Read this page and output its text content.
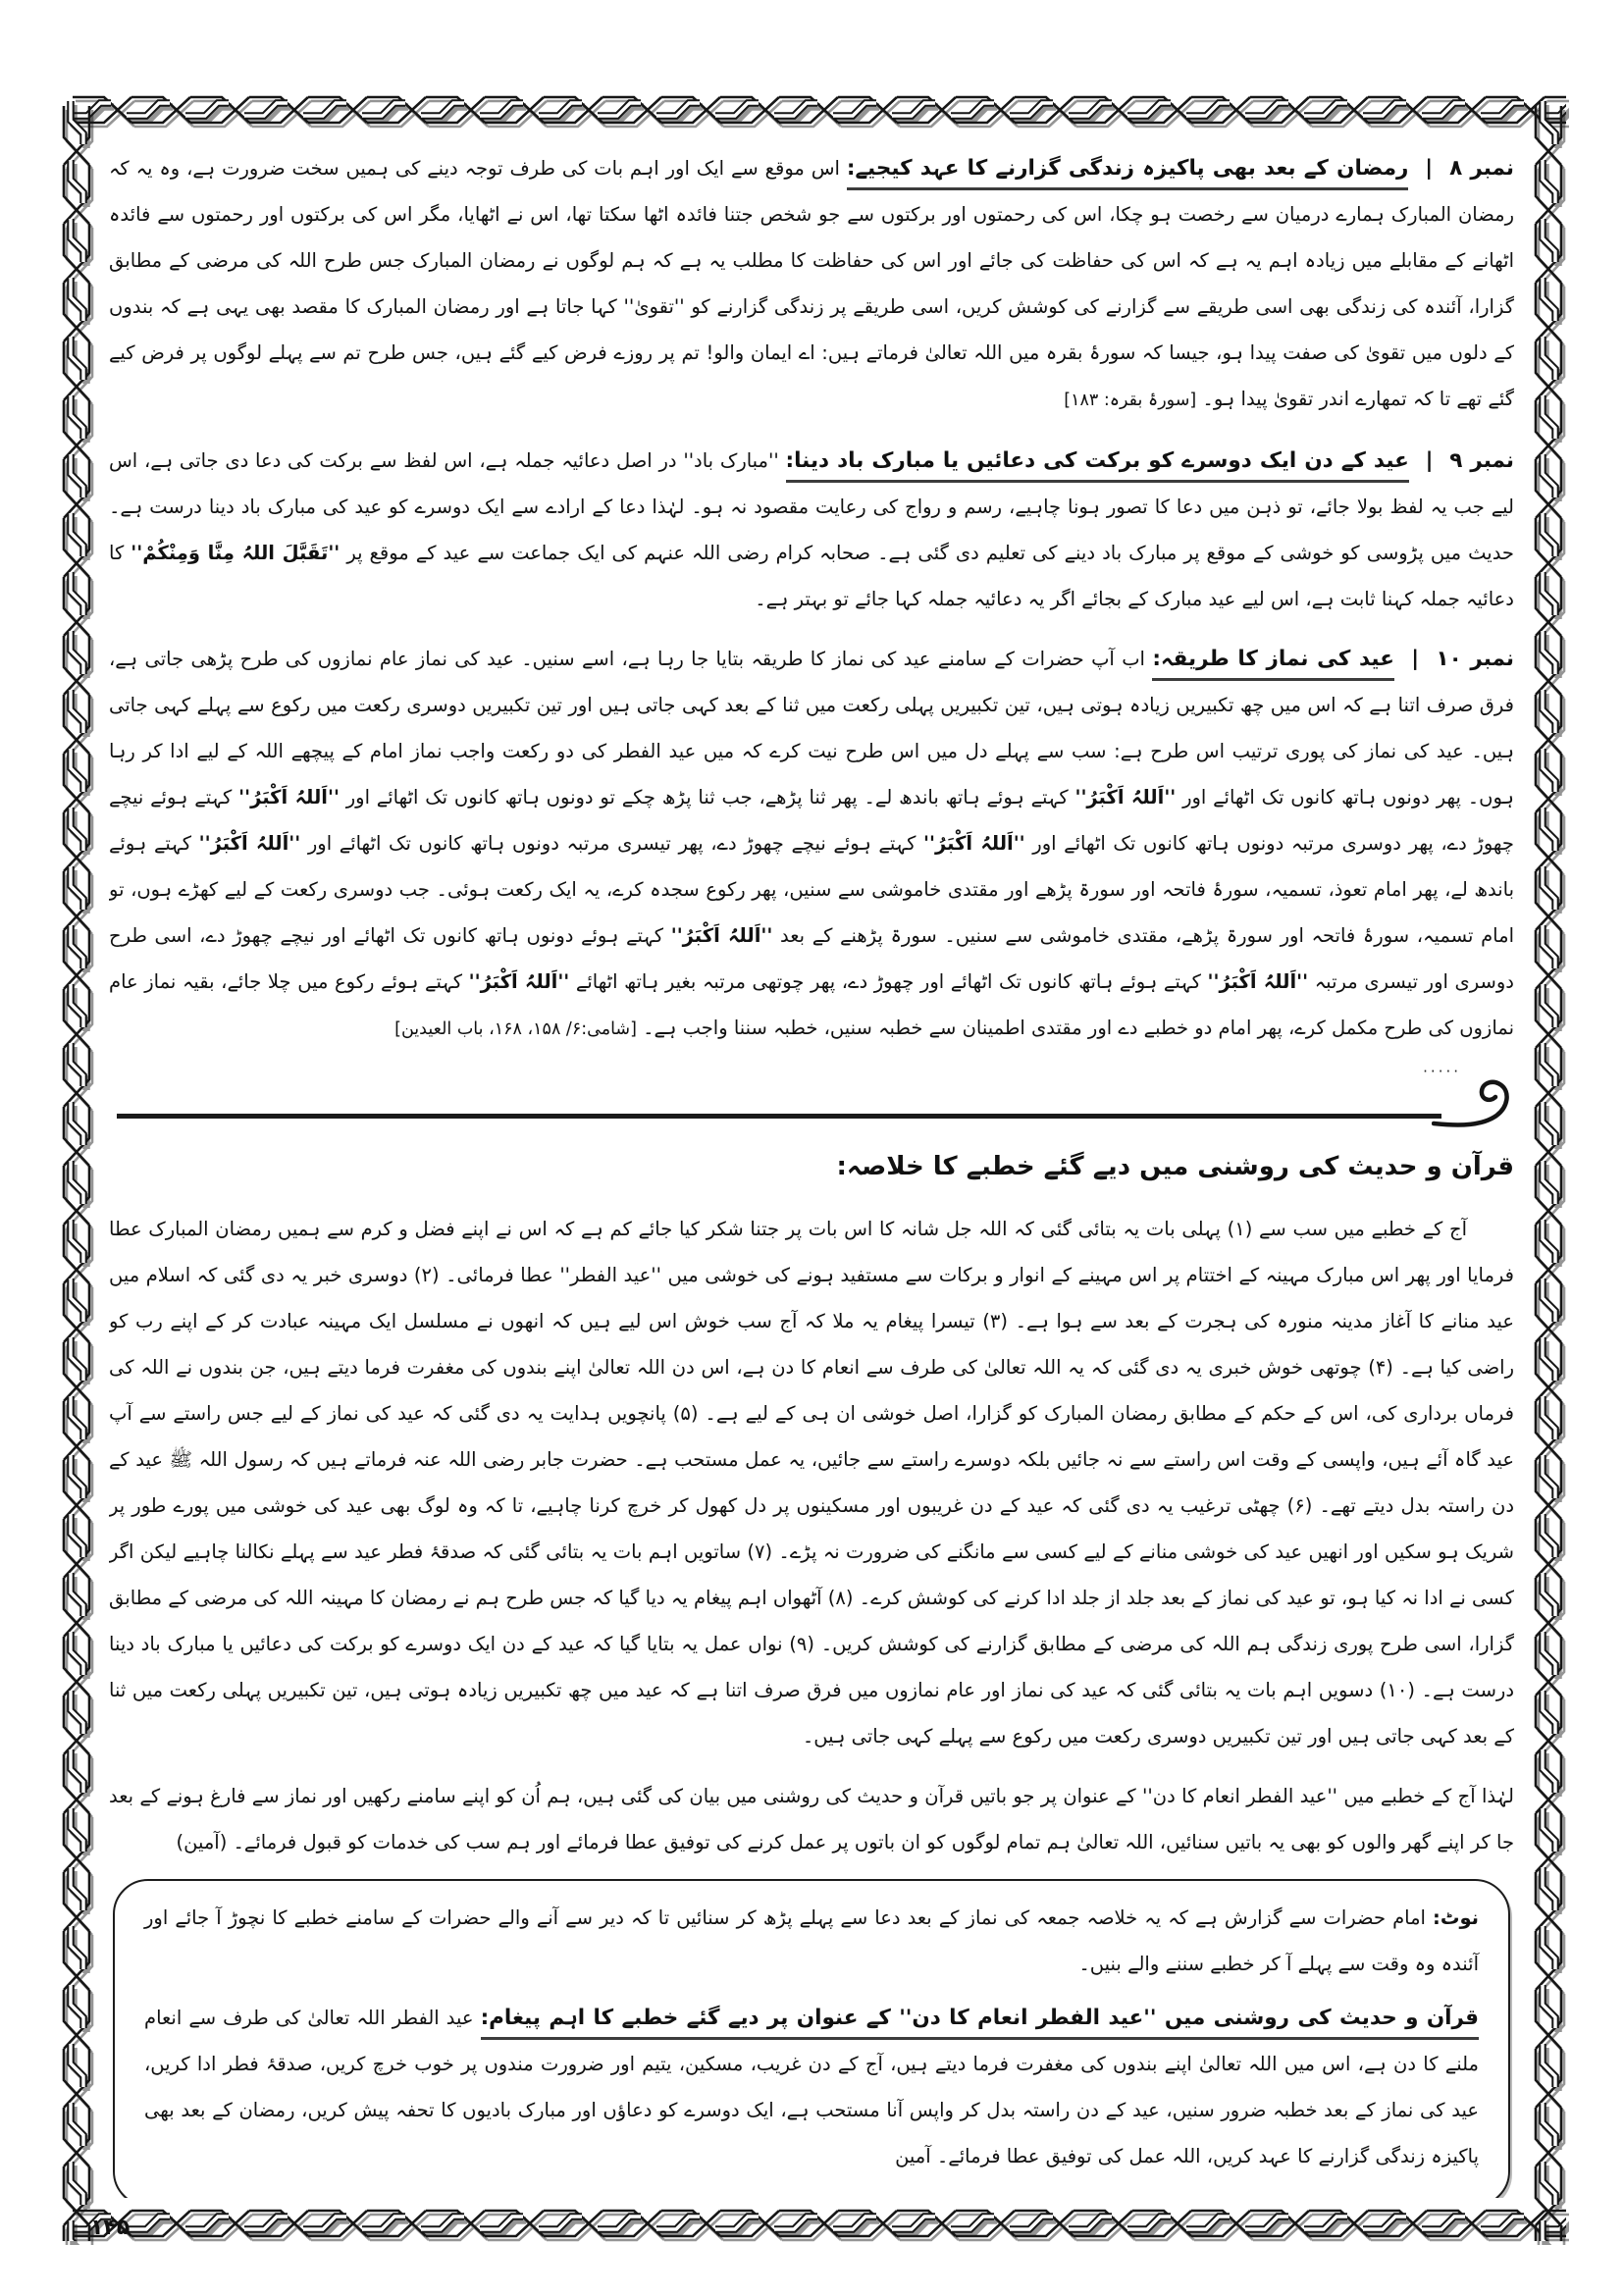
نمبر ۸ | رمضان کے بعد بھی پاکیزہ زندگی گزارنے کا عہد کیجیے: اس موقع سے ایک اور اہم بات کی طرف توجہ دینے کی ہمیں سخت ضرورت ہے، وہ یہ کہ رمضان المبارک ہمارے درمیان سے رخصت ہو چکا، اس کی رحمتوں اور برکتوں سے جو شخص جتنا فائدہ اٹھا سکتا تھا، اس نے اٹھایا، مگر اس کی برکتوں اور رحمتوں سے فائدہ اٹھانے کے مقابلے میں زیادہ اہم یہ ہے کہ اس کی حفاظت کی جائے اور اس کی حفاظت کا مطلب یہ ہے کہ ہم لوگوں نے رمضان المبارک جس طرح اللہ کی مرضی کے مطابق گزارا، آئندہ کی زندگی بھی اسی طریقے سے گزارنے کی کوشش کریں، اسی طریقے پر زندگی گزارنے کو ''تقویٰ'' کہا جاتا ہے اور رمضان المبارک کا مقصد بھی یہی ہے کہ بندوں کے دلوں میں تقویٰ کی صفت پیدا ہو، جیسا کہ سورۂ بقرہ میں اللہ تعالیٰ فرماتے ہیں: اے ایمان والو! تم پر روزے فرض کیے گئے ہیں، جس طرح تم سے پہلے لوگوں پر فرض کیے گئے تھے تا کہ تمھارے اندر تقویٰ پیدا ہو۔ [سورۂ بقرہ: ۱۸۳]

نمبر ۹ | عید کے دن ایک دوسرے کو برکت کی دعائیں یا مبارک باد دینا: ''مبارک باد'' در اصل دعائیہ جملہ ہے، اس لفظ سے برکت کی دعا دی جاتی ہے، اس لیے جب یہ لفظ بولا جائے، تو ذہن میں دعا کا تصور ہونا چاہیے، رسم و رواج کی رعایت مقصود نہ ہو۔ لہٰذا دعا کے ارادے سے ایک دوسرے کو عید کی مبارک باد دینا درست ہے۔ حدیث میں پڑوسی کو خوشی کے موقع پر مبارک باد دینے کی تعلیم دی گئی ہے۔ صحابہ کرام رضی اللہ عنہم کی ایک جماعت سے عید کے موقع پر ''تَقَبَّلَ اللہُ مِنَّا وَمِنْکُمْ'' کا دعائیہ جملہ کہنا ثابت ہے، اس لیے عید مبارک کے بجائے اگر یہ دعائیہ جملہ کہا جائے تو بہتر ہے۔

نمبر ۱۰ | عید کی نماز کا طریقہ: اب آپ حضرات کے سامنے عید کی نماز کا طریقہ بتایا جا رہا ہے، اسے سنیں۔ عید کی نماز عام نمازوں کی طرح پڑھی جاتی ہے، فرق صرف اتنا ہے کہ اس میں چھ تکبیریں زیادہ ہوتی ہیں، تین تکبیریں پہلی رکعت میں ثنا کے بعد کہی جاتی ہیں اور تین تکبیریں دوسری رکعت میں رکوع سے پہلے کہی جاتی ہیں۔ عید کی نماز کی پوری ترتیب اس طرح ہے: سب سے پہلے دل میں اس طرح نیت کرے کہ میں عید الفطر کی دو رکعت واجب نماز امام کے پیچھے اللہ کے لیے ادا کر رہا ہوں۔ پھر دونوں ہاتھ کانوں تک اٹھائے اور ''اَللہُ اَکْبَرُ'' کہتے ہوئے ہاتھ باندھ لے۔ پھر ثنا پڑھے، جب ثنا پڑھ چکے تو دونوں ہاتھ کانوں تک اٹھائے اور ''اَللہُ اَکْبَرُ'' کہتے ہوئے نیچے چھوڑ دے، پھر دوسری مرتبہ دونوں ہاتھ کانوں تک اٹھائے اور ''اَللہُ اَکْبَرُ'' کہتے ہوئے نیچے چھوڑ دے، پھر تیسری مرتبہ دونوں ہاتھ کانوں تک اٹھائے اور ''اَللہُ اَکْبَرُ'' کہتے ہوئے باندھ لے، پھر امام تعوذ، تسمیہ، سورۂ فاتحہ اور سورۃ پڑھے اور مقتدی خاموشی سے سنیں، پھر رکوع سجدہ کرے، یہ ایک رکعت ہوئی۔ جب دوسری رکعت کے لیے کھڑے ہوں، تو امام تسمیہ، سورۂ فاتحہ اور سورۃ پڑھے، مقتدی خاموشی سے سنیں۔ سورۃ پڑھنے کے بعد ''اَللہُ اَکْبَرُ'' کہتے ہوئے دونوں ہاتھ کانوں تک اٹھائے اور نیچے چھوڑ دے، اسی طرح دوسری اور تیسری مرتبہ ''اَللہُ اَکْبَرُ'' کہتے ہوئے ہاتھ کانوں تک اٹھائے اور چھوڑ دے، پھر چوتھی مرتبہ بغیر ہاتھ اٹھائے ''اَللہُ اَکْبَرُ'' کہتے ہوئے رکوع میں چلا جائے، بقیہ نماز عام نمازوں کی طرح مکمل کرے، پھر امام دو خطبے دے اور مقتدی اطمینان سے خطبہ سنیں، خطبہ سننا واجب ہے۔ [شامی:۶/ ۱۵۸، ۱۶۸، باب العیدین]

·····
قرآن و حدیث کی روشنی میں دیے گئے خطبے کا خلاصہ:

آج کے خطبے میں سب سے (۱) پہلی بات یہ بتائی گئی کہ اللہ جل شانہ کا اس بات پر جتنا شکر کیا جائے کم ہے کہ اس نے اپنے فضل و کرم سے ہمیں رمضان المبارک عطا فرمایا اور پھر اس مبارک مہینہ کے اختتام پر اس مہینے کے انوار و برکات سے مستفید ہونے کی خوشی میں ''عید الفطر'' عطا فرمائی۔ (۲) دوسری خبر یہ دی گئی کہ اسلام میں عید منانے کا آغاز مدینہ منورہ کی ہجرت کے بعد سے ہوا ہے۔ (۳) تیسرا پیغام یہ ملا کہ آج سب خوش اس لیے ہیں کہ انھوں نے مسلسل ایک مہینہ عبادت کر کے اپنے رب کو راضی کیا ہے۔ (۴) چوتھی خوش خبری یہ دی گئی کہ یہ اللہ تعالیٰ کی طرف سے انعام کا دن ہے، اس دن اللہ تعالیٰ اپنے بندوں کی مغفرت فرما دیتے ہیں، جن بندوں نے اللہ کی فرماں برداری کی، اس کے حکم کے مطابق رمضان المبارک کو گزارا، اصل خوشی ان ہی کے لیے ہے۔ (۵) پانچویں ہدایت یہ دی گئی کہ عید کی نماز کے لیے جس راستے سے آپ عید گاہ آئے ہیں، واپسی کے وقت اس راستے سے نہ جائیں بلکہ دوسرے راستے سے جائیں، یہ عمل مستحب ہے۔ حضرت جابر رضی اللہ عنہ فرماتے ہیں کہ رسول اللہ ﷺ عید کے دن راستہ بدل دیتے تھے۔ (۶) چھٹی ترغیب یہ دی گئی کہ عید کے دن غریبوں اور مسکینوں پر دل کھول کر خرچ کرنا چاہیے، تا کہ وہ لوگ بھی عید کی خوشی میں پورے طور پر شریک ہو سکیں اور انھیں عید کی خوشی منانے کے لیے کسی سے مانگنے کی ضرورت نہ پڑے۔ (۷) ساتویں اہم بات یہ بتائی گئی کہ صدقۂ فطر عید سے پہلے نکالنا چاہیے لیکن اگر کسی نے ادا نہ کیا ہو، تو عید کی نماز کے بعد جلد از جلد ادا کرنے کی کوشش کرے۔ (۸) آٹھواں اہم پیغام یہ دیا گیا کہ جس طرح ہم نے رمضان کا مہینہ اللہ کی مرضی کے مطابق گزارا، اسی طرح پوری زندگی ہم اللہ کی مرضی کے مطابق گزارنے کی کوشش کریں۔ (۹) نواں عمل یہ بتایا گیا کہ عید کے دن ایک دوسرے کو برکت کی دعائیں یا مبارک باد دینا درست ہے۔ (۱۰) دسویں اہم بات یہ بتائی گئی کہ عید کی نماز اور عام نمازوں میں فرق صرف اتنا ہے کہ عید میں چھ تکبیریں زیادہ ہوتی ہیں، تین تکبیریں پہلی رکعت میں ثنا کے بعد کہی جاتی ہیں اور تین تکبیریں دوسری رکعت میں رکوع سے پہلے کہی جاتی ہیں۔

لہٰذا آج کے خطبے میں ''عید الفطر انعام کا دن'' کے عنوان پر جو باتیں قرآن و حدیث کی روشنی میں بیان کی گئی ہیں، ہم اُن کو اپنے سامنے رکھیں اور نماز سے فارغ ہونے کے بعد جا کر اپنے گھر والوں کو بھی یہ باتیں سنائیں، اللہ تعالیٰ ہم تمام لوگوں کو ان باتوں پر عمل کرنے کی توفیق عطا فرمائے اور ہم سب کی خدمات کو قبول فرمائے۔ (آمین)

نوٹ: امام حضرات سے گزارش ہے کہ یہ خلاصہ جمعہ کی نماز کے بعد دعا سے پہلے پڑھ کر سنائیں تا کہ دیر سے آنے والے حضرات کے سامنے خطبے کا نچوڑ آ جائے اور آئندہ وہ وقت سے پہلے آ کر خطبے سننے والے بنیں۔

قرآن و حدیث کی روشنی میں ''عید الفطر انعام کا دن'' کے عنوان پر دیے گئے خطبے کا اہم پیغام: عید الفطر اللہ تعالیٰ کی طرف سے انعام ملنے کا دن ہے، اس میں اللہ تعالیٰ اپنے بندوں کی مغفرت فرما دیتے ہیں، آج کے دن غریب، مسکین، یتیم اور ضرورت مندوں پر خوب خرچ کریں، صدقۂ فطر ادا کریں، عید کی نماز کے بعد خطبہ ضرور سنیں، عید کے دن راستہ بدل کر واپس آنا مستحب ہے، ایک دوسرے کو دعاؤں اور مبارک بادیوں کا تحفہ پیش کریں، رمضان کے بعد بھی پاکیزہ زندگی گزارنے کا عہد کریں، اللہ عمل کی توفیق عطا فرمائے۔ آمین

۱۴۵
